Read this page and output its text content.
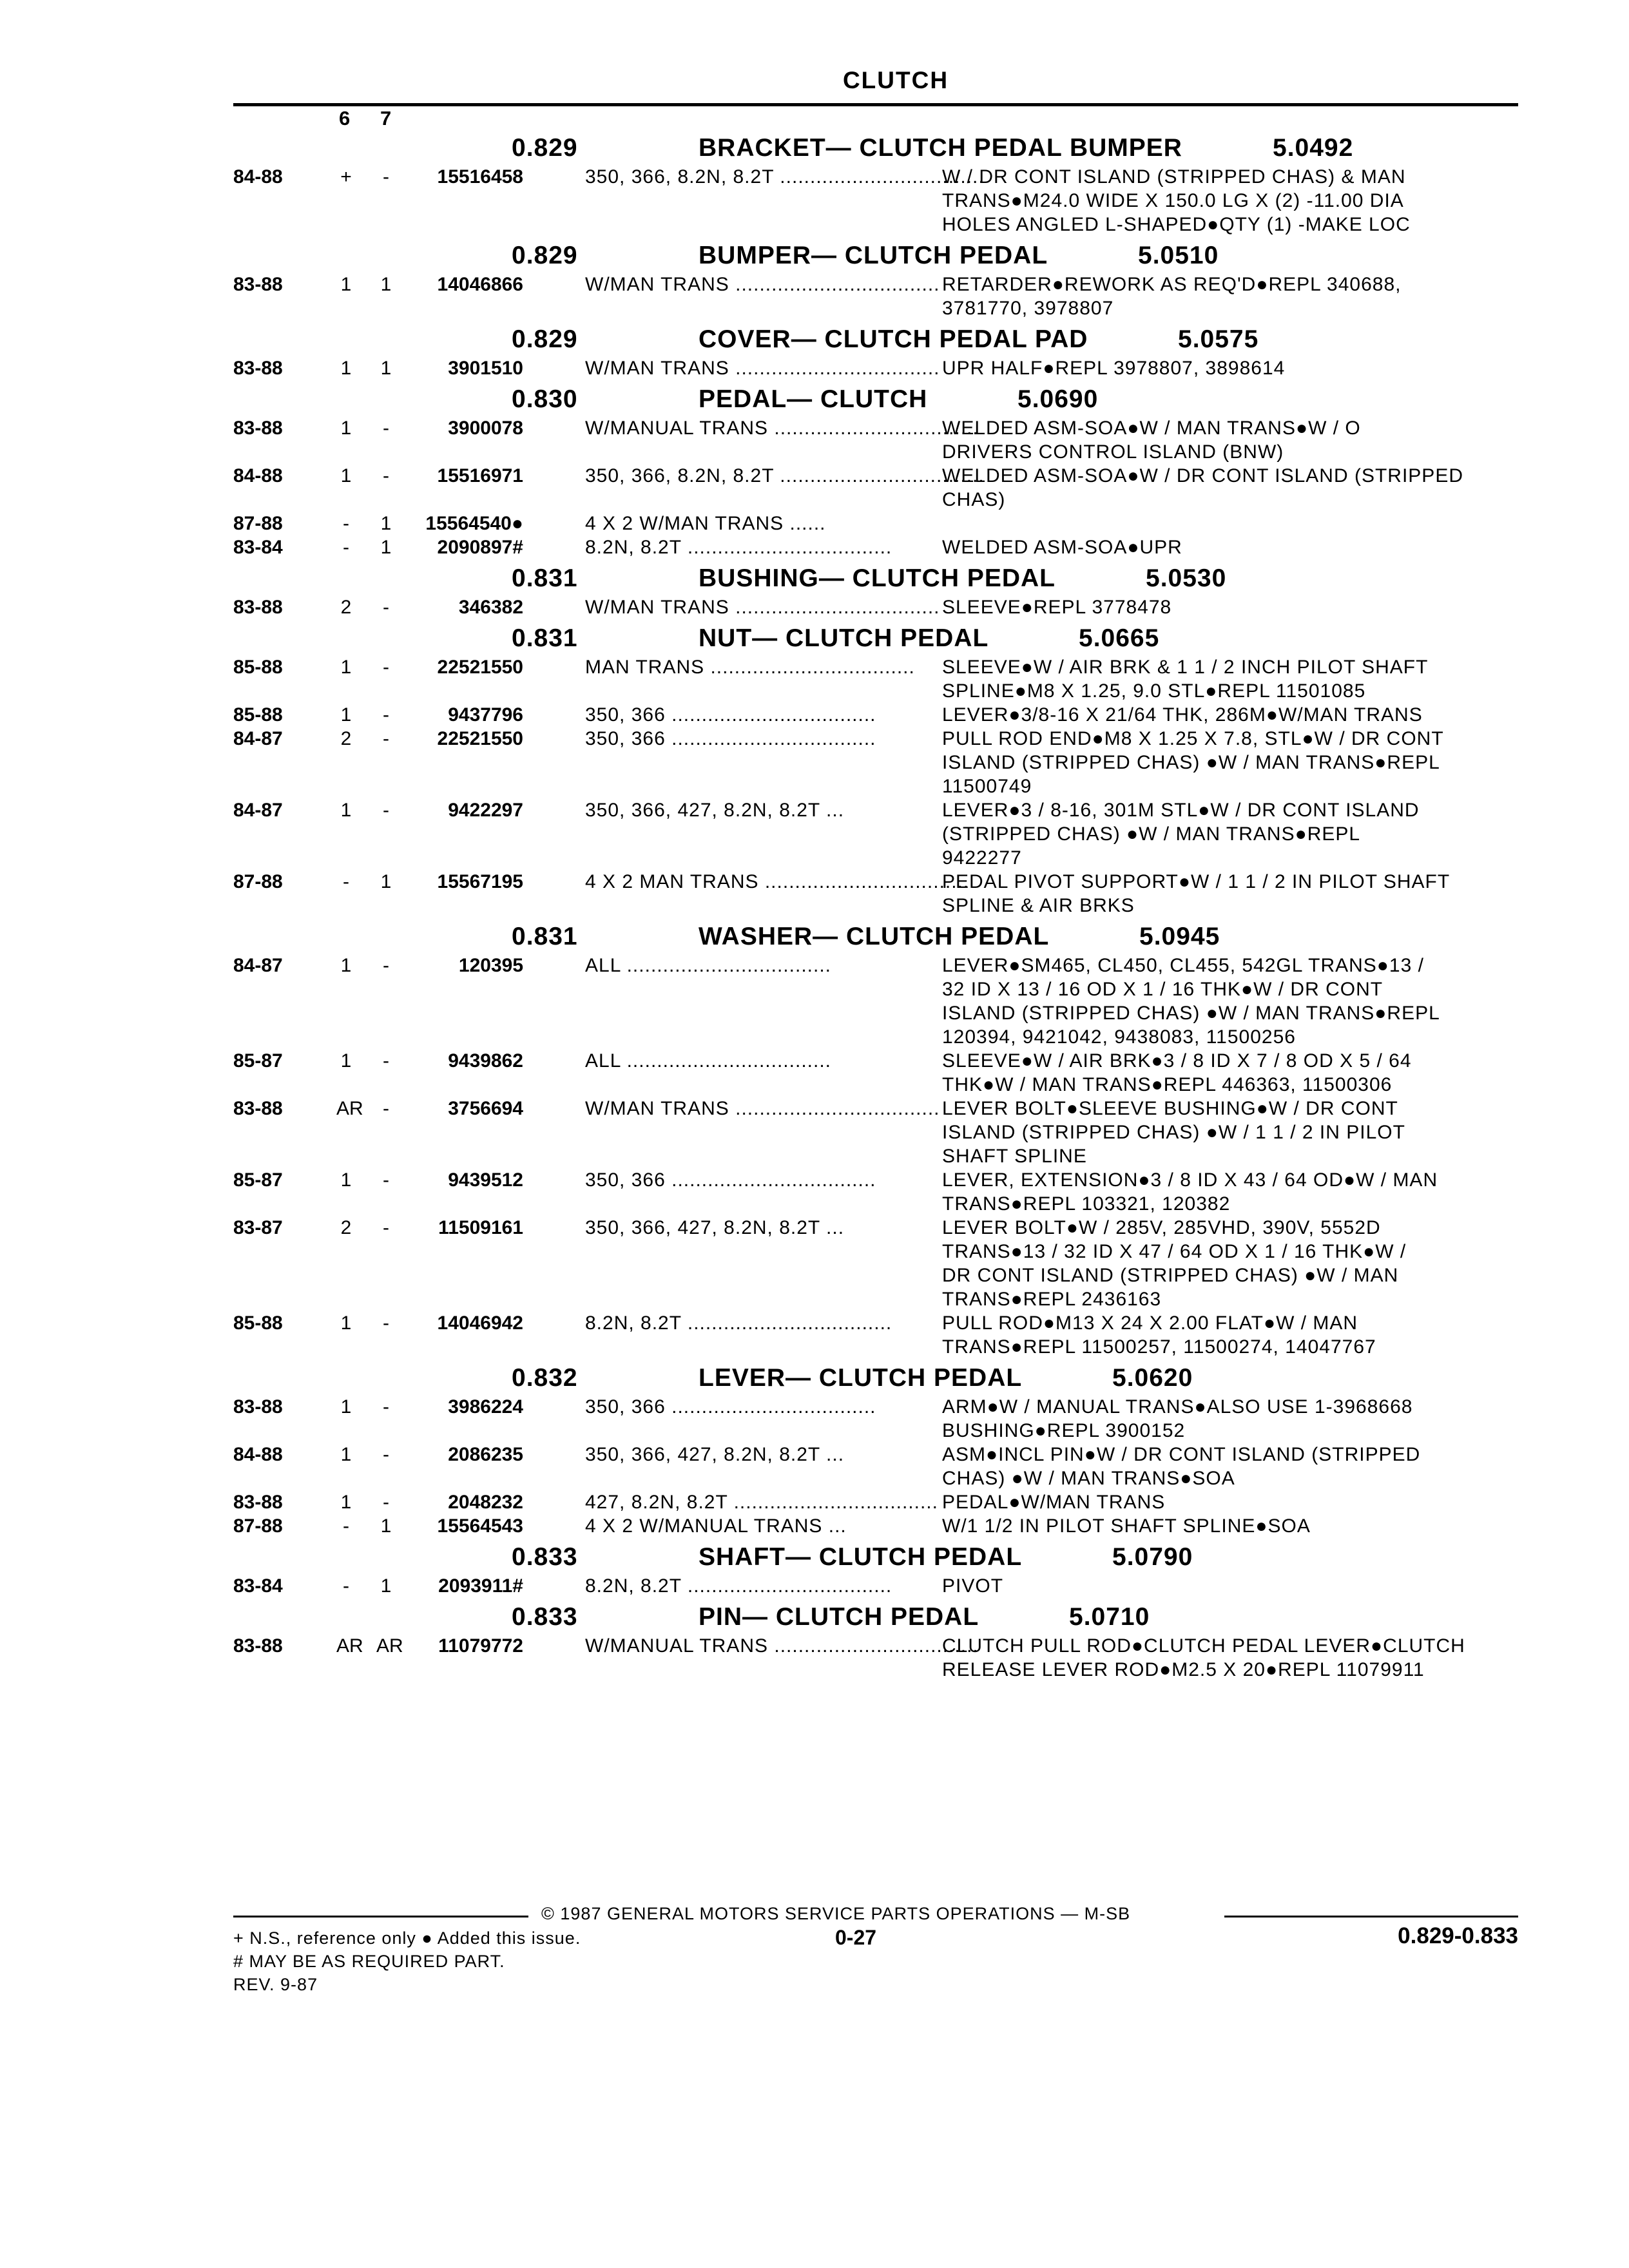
CLUTCH
6 7
0.829	BRACKET— CLUTCH PEDAL BUMPER	5.0492
84-88	+	-	15516458	350, 366, 8.2N, 8.2T ..................................
W / DR CONT ISLAND (STRIPPED CHAS) & MAN
TRANS●M24.0 WIDE X 150.0 LG X (2) -11.00 DIA
HOLES ANGLED L-SHAPED●QTY (1) -MAKE LOC
0.829	BUMPER— CLUTCH PEDAL	5.0510
83-88	1 1	14046866	W/MAN TRANS .................................. RETARDER●REWORK AS REQ'D●REPL 340688,
3781770, 3978807
0.829	COVER— CLUTCH PEDAL PAD	5.0575
83-88	1 1	3901510	W/MAN TRANS .................................. UPR HALF●REPL 3978807, 3898614
0.830	PEDAL— CLUTCH	5.0690
83-88	1	-	3900078	W/MANUAL TRANS ..................................
WELDED ASM-SOA●W / MAN TRANS●W / O
DRIVERS CONTROL ISLAND (BNW)
84-88	1	-	15516971	350, 366, 8.2N, 8.2T ..................................
WELDED ASM-SOA●W / DR CONT ISLAND (STRIPPED
CHAS)
87-88	-	1	15564540●	4 X 2 W/MAN TRANS ......
83-84	-	1	2090897#	8.2N, 8.2T ..................................	WELDED ASM-SOA●UPR
0.831	BUSHING— CLUTCH PEDAL	5.0530
83-88	2	-	346382	W/MAN TRANS .................................. SLEEVE●REPL 3778478
0.831	NUT— CLUTCH PEDAL	5.0665
85-88	1	-	22521550	MAN TRANS .................................. SLEEVE●W / AIR BRK & 1 1 / 2 INCH PILOT SHAFT
SPLINE●M8 X 1.25, 9.0 STL●REPL 11501085
85-88	1	-	9437796	350, 366 ..................................	LEVER●3/8-16 X 21/64 THK, 286M●W/MAN TRANS
84-87	2	-	22521550	350, 366 ..................................	PULL ROD END●M8 X 1.25 X 7.8, STL●W / DR CONT
ISLAND (STRIPPED CHAS) ●W / MAN TRANS●REPL
11500749
84-87	1	-	9422297	350, 366, 427, 8.2N, 8.2T ...	LEVER●3 / 8-16, 301M STL●W / DR CONT ISLAND
(STRIPPED CHAS) ●W / MAN TRANS●REPL
9422277
87-88	-	1	15567195	4 X 2 MAN TRANS ..................................
PEDAL PIVOT SUPPORT●W / 1 1 / 2 IN PILOT SHAFT
SPLINE & AIR BRKS
0.831	WASHER— CLUTCH PEDAL	5.0945
84-87	1	-	120395	ALL ..................................	LEVER●SM465, CL450, CL455, 542GL TRANS●13 /
32 ID X 13 / 16 OD X 1 / 16 THK●W / DR CONT
ISLAND (STRIPPED CHAS) ●W / MAN TRANS●REPL
120394, 9421042, 9438083, 11500256
85-87	1	-	9439862	ALL ..................................	SLEEVE●W / AIR BRK●3 / 8 ID X 7 / 8 OD X 5 / 64
THK●W / MAN TRANS●REPL 446363, 11500306
83-88	AR	-	3756694	W/MAN TRANS .................................. LEVER BOLT●SLEEVE BUSHING●W / DR CONT
ISLAND (STRIPPED CHAS) ●W / 1 1 / 2 IN PILOT
SHAFT SPLINE
85-87	1	-	9439512	350, 366 ..................................	LEVER, EXTENSION●3 / 8 ID X 43 / 64 OD●W / MAN
TRANS●REPL 103321, 120382
83-87	2	-	11509161	350, 366, 427, 8.2N, 8.2T ...	LEVER BOLT●W / 285V, 285VHD, 390V, 5552D
TRANS●13 / 32 ID X 47 / 64 OD X 1 / 16 THK●W /
DR CONT ISLAND (STRIPPED CHAS) ●W / MAN
TRANS●REPL 2436163
85-88	1	-	14046942	8.2N, 8.2T ..................................	PULL ROD●M13 X 24 X 2.00 FLAT●W / MAN
TRANS●REPL 11500257, 11500274, 14047767
0.832	LEVER— CLUTCH PEDAL	5.0620
83-88	1	-	3986224	350, 366 ..................................	ARM●W / MANUAL TRANS●ALSO USE 1-3968668
BUSHING●REPL 3900152
84-88	1	-	2086235	350, 366, 427, 8.2N, 8.2T ...	ASM●INCL PIN●W / DR CONT ISLAND (STRIPPED
CHAS) ●W / MAN TRANS●SOA
83-88	1	-	2048232	427, 8.2N, 8.2T .................................. PEDAL●W/MAN TRANS
87-88	-	1	15564543	4 X 2 W/MANUAL TRANS ...	W/1 1/2 IN PILOT SHAFT SPLINE●SOA
0.833	SHAFT— CLUTCH PEDAL	5.0790
83-84	-	1	2093911#	8.2N, 8.2T ..................................	PIVOT
0.833	PIN— CLUTCH PEDAL	5.0710
83-88	AR AR	11079772	W/MANUAL TRANS ..................................
CLUTCH PULL ROD●CLUTCH PEDAL LEVER●CLUTCH
RELEASE LEVER ROD●M2.5 X 20●REPL 11079911
© 1987 GENERAL MOTORS SERVICE PARTS OPERATIONS — M-SB
+ N.S., reference only ● Added this issue.
# MAY BE AS REQUIRED PART.
REV. 9-87
0-27	0.829-0.833
